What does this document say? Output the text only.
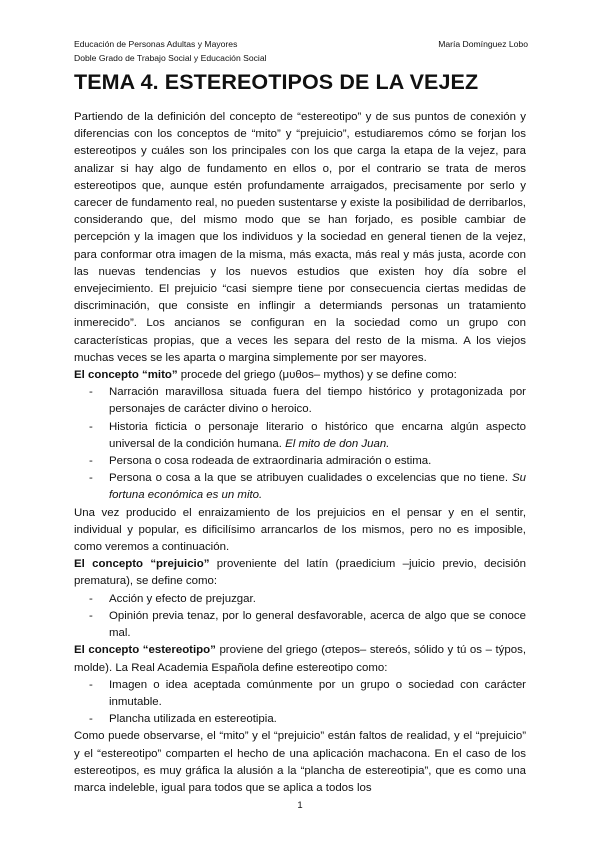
Educación de Personas Adultas y Mayores
Doble Grado de Trabajo Social y Educación Social
María Domínguez Lobo
TEMA 4. ESTEREOTIPOS DE LA VEJEZ

Partiendo de la definición del concepto de “estereotipo” y de sus puntos de conexión y diferencias con los conceptos de “mito” y “prejuicio”, estudiaremos cómo se forjan los estereotipos y cuáles son los principales con los que carga la etapa de la vejez, para analizar si hay algo de fundamento en ellos o, por el contrario se trata de meros estereotipos que, aunque estén profundamente arraigados, precisamente por serlo y carecer de fundamento real, no pueden sustentarse y existe la posibilidad de derribarlos, considerando que, del mismo modo que se han forjado, es posible cambiar de percepción y la imagen que los individuos y la sociedad en general tienen de la vejez, para conformar otra imagen de la misma, más exacta, más real y más justa, acorde con las nuevas tendencias y los nuevos estudios que existen hoy día sobre el envejecimiento. El prejuicio “casi siempre tiene por consecuencia ciertas medidas de discriminación, que consiste en inflingir a determiands personas un tratamiento inmerecido”. Los ancianos se configuran en la sociedad como un grupo con características propias, que a veces les separa del resto de la misma. A los viejos muchas veces se les aparta o margina simplemente por ser mayores.

El concepto “mito” procede del griego (μυθοs– mythos) y se define como:

- Narración maravillosa situada fuera del tiempo histórico y protagonizada por personajes de carácter divino o heroico.
- Historia ficticia o personaje literario o histórico que encarna algún aspecto universal de la condición humana. El mito de don Juan.
- Persona o cosa rodeada de extraordinaria admiración o estima.
- Persona o cosa a la que se atribuyen cualidades o excelencias que no tiene. Su fortuna económica es un mito.

Una vez producido el enraizamiento de los prejuicios en el pensar y en el sentir, individual y popular, es dificilísimo arrancarlos de los mismos, pero no es imposible, como veremos a continuación.

El concepto “prejuicio” proveniente del latín (praedicium –juicio previo, decisión prematura), se define como:

- Acción y efecto de prejuzgar.
- Opinión previa tenaz, por lo general desfavorable, acerca de algo que se conoce mal.

El concepto “estereotipo” proviene del griego (σtepos– stereós, sólido y tú os – týpos, molde). La Real Academia Española define estereotipo como:

- Imagen o idea aceptada comúnmente por un grupo o sociedad con carácter inmutable.
- Plancha utilizada en estereotipia.

Como puede observarse, el “mito” y el “prejuicio” están faltos de realidad, y el “prejuicio” y el “estereotipo” comparten el hecho de una aplicación machacona. En el caso de los estereotipos, es muy gráfica la alusión a la “plancha de estereotipia”, que es como una marca indeleble, igual para todos que se aplica a todos los

1
